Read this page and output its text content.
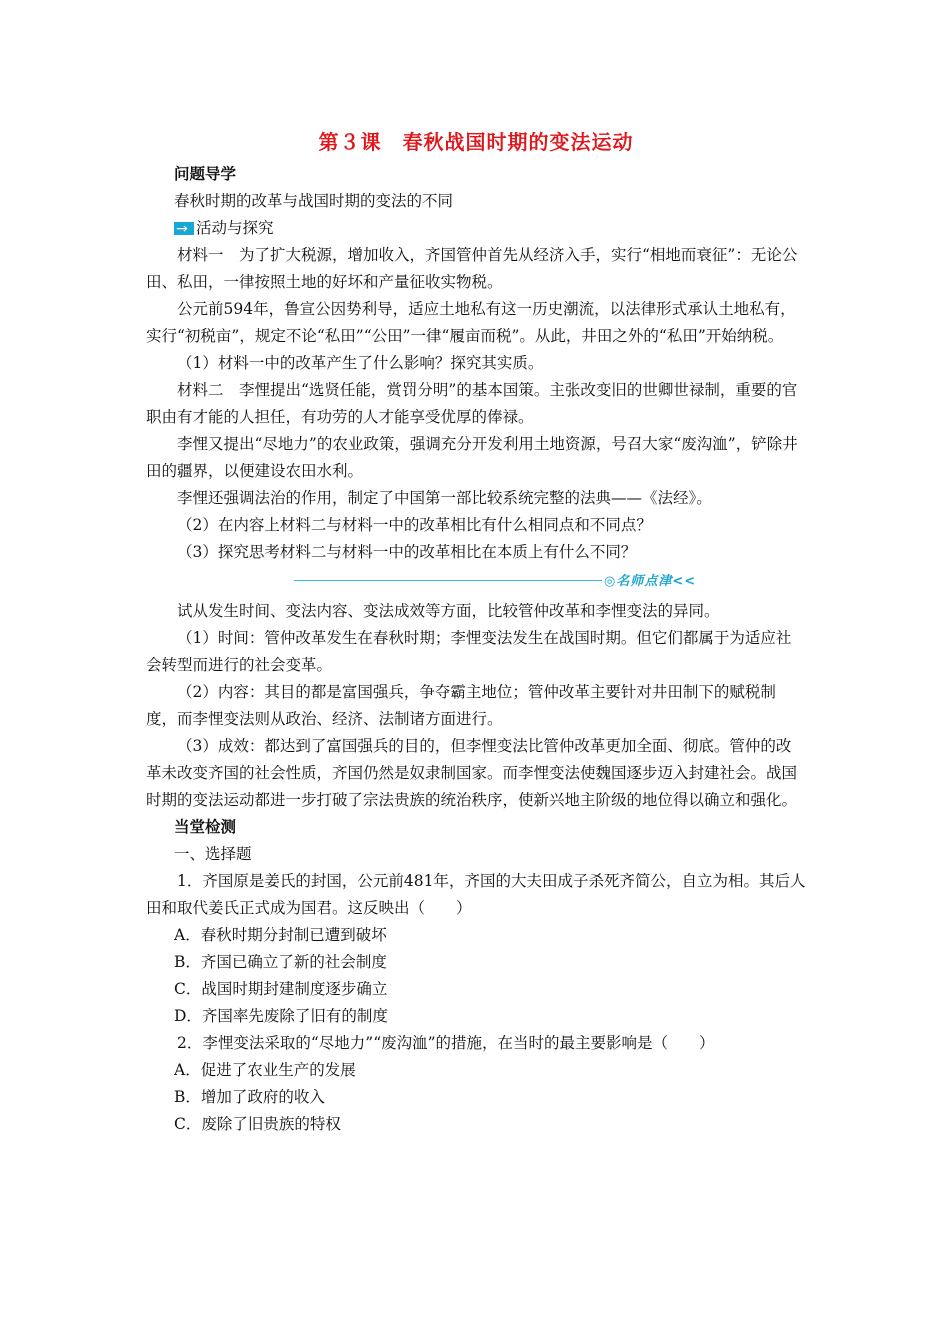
第３课　春秋战国时期的变法运动
问题导学
春秋时期的改革与战国时期的变法的不同
→
活动与探究

材料一　为了扩大税源，增加收入，齐国管仲首先从经济入手，实行“相地而衰征”：无论公田、私田，一律按照土地的好坏和产量征收实物税。

公元前594年，鲁宣公因势利导，适应土地私有这一历史潮流，以法律形式承认土地私有，实行“初税亩”，规定不论“私田”“公田”一律“履亩而税”。从此，井田之外的“私田”开始纳税。

（1）材料一中的改革产生了什么影响？探究其实质。

材料二　李悝提出“选贤任能，赏罚分明”的基本国策。主张改变旧的世卿世禄制，重要的官职由有才能的人担任，有功劳的人才能享受优厚的俸禄。

李悝又提出“尽地力”的农业政策，强调充分开发利用土地资源，号召大家“废沟洫”，铲除井田的疆界，以便建设农田水利。

李悝还强调法治的作用，制定了中国第一部比较系统完整的法典——《法经》。

（2）在内容上材料二与材料一中的改革相比有什么相同点和不同点？

（3）探究思考材料二与材料一中的改革相比在本质上有什么不同？

◎名师点津<<

试从发生时间、变法内容、变法成效等方面，比较管仲改革和李悝变法的异同。

（1）时间：管仲改革发生在春秋时期；李悝变法发生在战国时期。但它们都属于为适应社会转型而进行的社会变革。

（2）内容：其目的都是富国强兵，争夺霸主地位；管仲改革主要针对井田制下的赋税制度，而李悝变法则从政治、经济、法制诸方面进行。

（3）成效：都达到了富国强兵的目的，但李悝变法比管仲改革更加全面、彻底。管仲的改革未改变齐国的社会性质，齐国仍然是奴隶制国家。而李悝变法使魏国逐步迈入封建社会。战国时期的变法运动都进一步打破了宗法贵族的统治秩序，使新兴地主阶级的地位得以确立和强化。

当堂检测
一、选择题

1．齐国原是姜氏的封国，公元前481年，齐国的大夫田成子杀死齐简公，自立为相。其后人田和取代姜氏正式成为国君。这反映出（　　）

A．春秋时期分封制已遭到破坏
B．齐国已确立了新的社会制度
C．战国时期封建制度逐步确立
D．齐国率先废除了旧有的制度

2．李悝变法采取的“尽地力”“废沟洫”的措施，在当时的最主要影响是（　　）

A．促进了农业生产的发展
B．增加了政府的收入
C．废除了旧贵族的特权
